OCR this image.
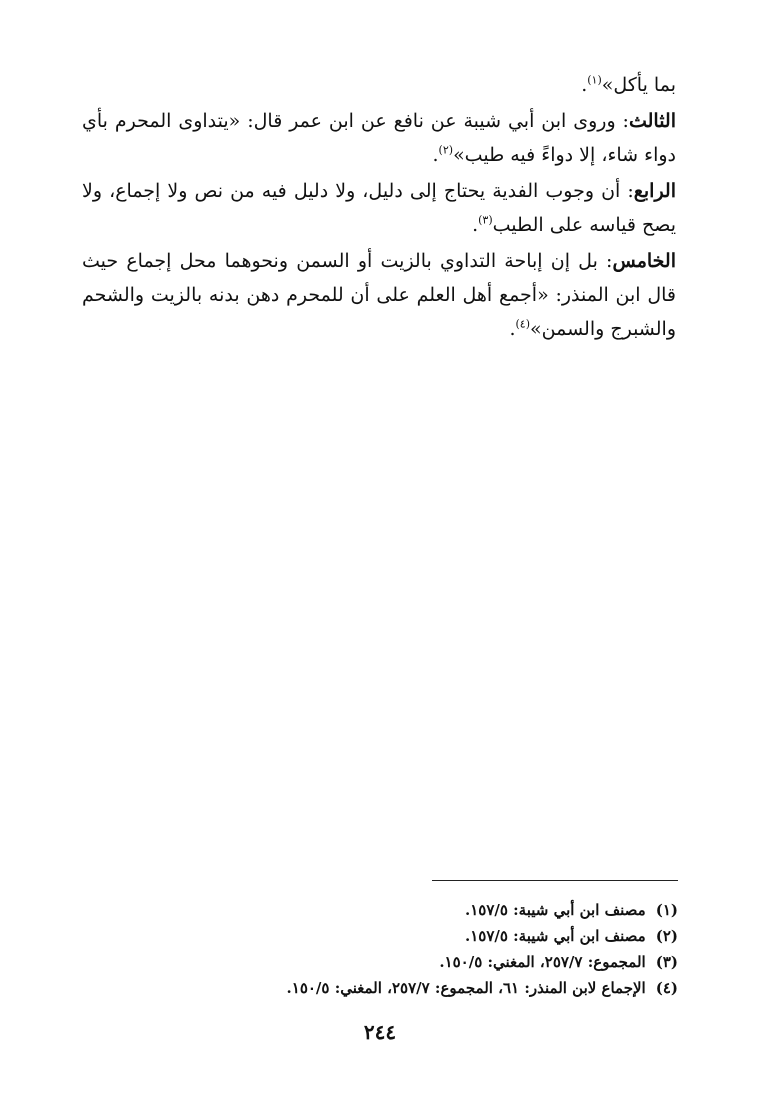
بما يأكل»$^{(١)}$.

الثالث: وروى ابن أبي شيبة عن نافع عن ابن عمر قال: «يتداوى المحرم بأي دواء شاء، إلا دواءً فيه طيب»$^{(٢)}$.

الرابع: أن وجوب الفدية يحتاج إلى دليل، ولا دليل فيه من نص ولا إجماع، ولا يصح قياسه على الطيب$^{(٣)}$.

الخامس: بل إن إباحة التداوي بالزيت أو السمن ونحوهما محل إجماع حيث قال ابن المنذر: «أجمع أهل العلم على أن للمحرم دهن بدنه بالزيت والشحم والشبرج والسمن»$^{(٤)}$.

(١)مصنف ابن أبي شيبة: ١٥٧/٥.
(٢)مصنف ابن أبي شيبة: ١٥٧/٥.
(٣)المجموع: ٢٥٧/٧، المغني: ١٥٠/٥.
(٤)الإجماع لابن المنذر: ٦١، المجموع: ٢٥٧/٧، المغني: ١٥٠/٥.
٢٤٤
